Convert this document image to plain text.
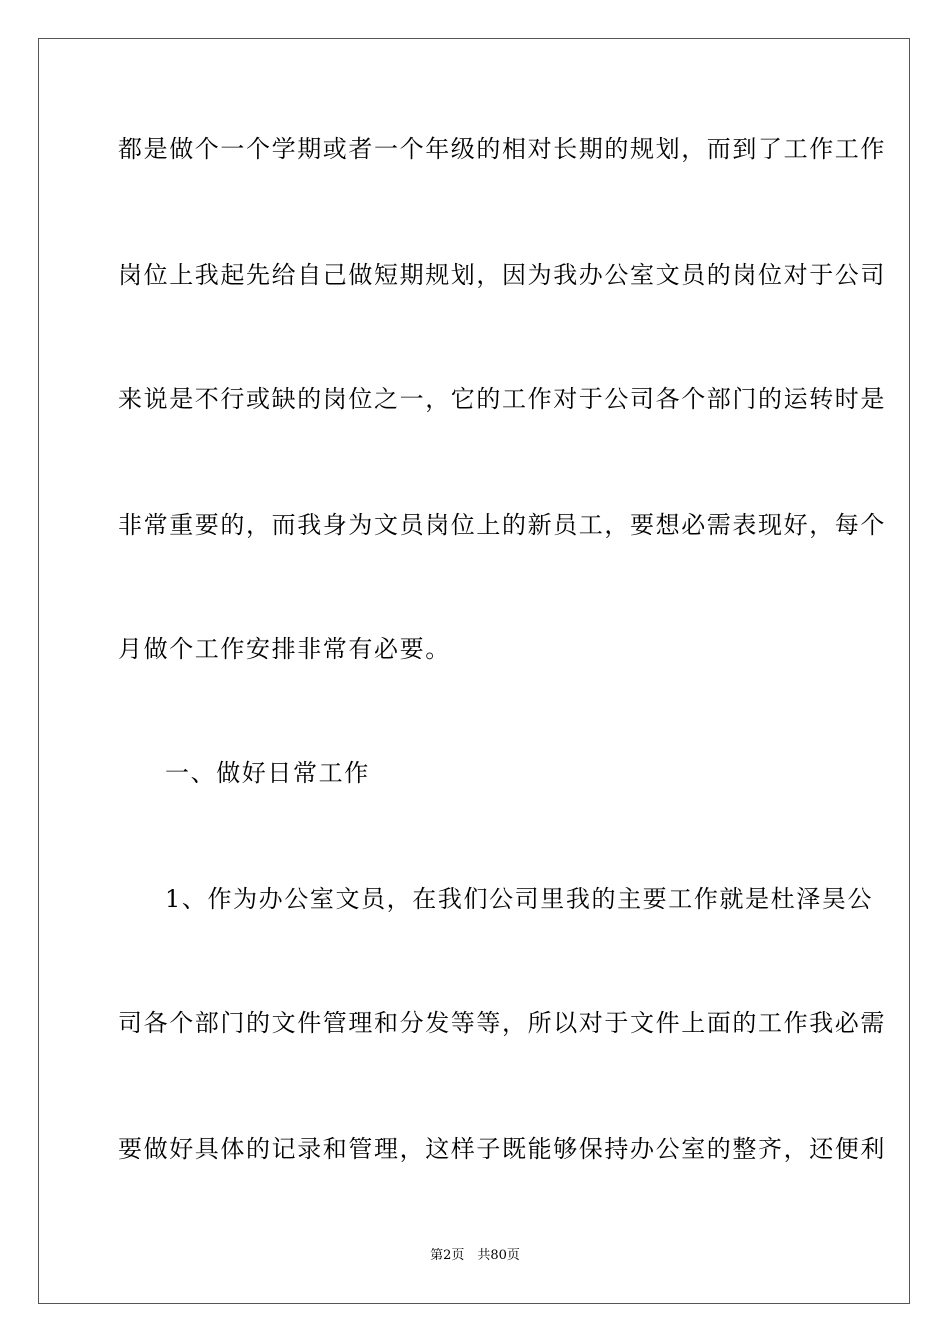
都是做个一个学期或者一个年级的相对长期的规划，而到了工作工作
岗位上我起先给自己做短期规划，因为我办公室文员的岗位对于公司
来说是不行或缺的岗位之一，它的工作对于公司各个部门的运转时是
非常重要的，而我身为文员岗位上的新员工，要想必需表现好，每个
月做个工作安排非常有必要。
一、做好日常工作
1、作为办公室文员，在我们公司里我的主要工作就是杜泽昊公
司各个部门的文件管理和分发等等，所以对于文件上面的工作我必需
要做好具体的记录和管理，这样子既能够保持办公室的整齐，还便利
第2页　共80页
